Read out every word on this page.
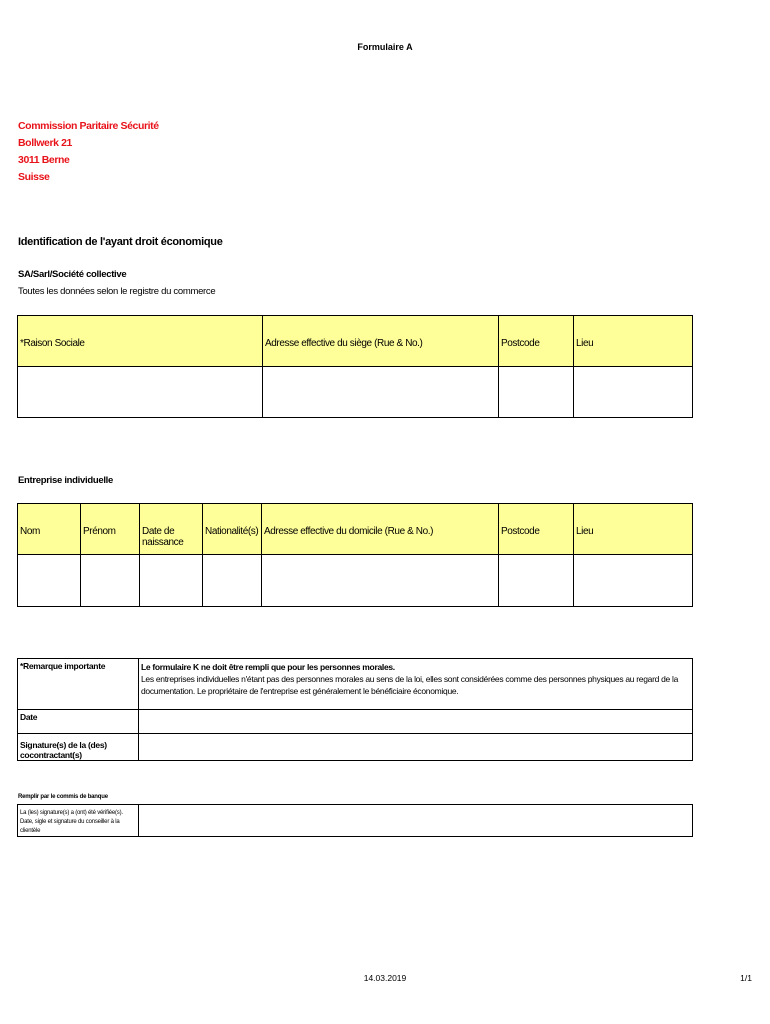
Formulaire A
Commission Paritaire Sécurité
Bollwerk 21
3011 Berne
Suisse
Identification de l'ayant droit économique
SA/Sarl/Société collective
Toutes les données selon le registre du commerce
*Raison Sociale	Adresse effective du siège (Rue & No.)	Postcode	Lieu

Entreprise individuelle
Nom	Prénom	Date de naissance	Nationalité(s)	Adresse effective du domicile (Rue & No.)	Postcode	Lieu

*Remarque importante	Le formulaire K ne doit être rempli que pour les personnes morales.
Les entreprises individuelles n'étant pas des personnes morales au sens de la loi, elles sont considérées comme des personnes physiques au regard de la documentation. Le propriétaire de l'entreprise est généralement le bénéficiaire économique.

Date	
Signature(s) de la (des) cocontractant(s)	
Remplir par le commis de banque
La (les) signature(s) a (ont) été vérifiée(s). Date, sigle et signature du conseiller à la clientèle	
14.03.2019	1/1
